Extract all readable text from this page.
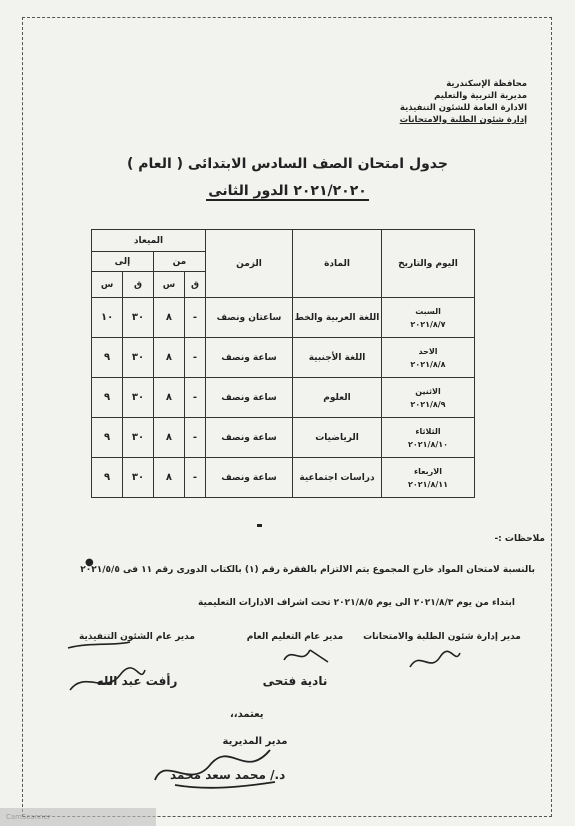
محافظة الإسكندرية
مديرية التربية والتعليم
الادارة العامة للشئون التنفيذية
إدارة شئون الطلبة والامتحانات
جدول امتحان الصف السادس الابتدائى ( العام )
٢٠٢١/٢٠٢٠ الدور الثانى
اليوم والتاريخ	المادة	الزمن	الميعاد			
			من		إلى	
			ق	س	ق	س
السبت
٢٠٢١/٨/٧	اللغة العربية والخط	ساعتان ونصف	-	٨	٣٠	١٠
الاحد
٢٠٢١/٨/٨	اللغة الأجنبية	ساعة ونصف	-	٨	٣٠	٩
الاثنين
٢٠٢١/٨/٩	العلوم	ساعة ونصف	-	٨	٣٠	٩
الثلاثاء
٢٠٢١/٨/١٠	الرياضيات	ساعة ونصف	-	٨	٣٠	٩
الاربعاء
٢٠٢١/٨/١١	دراسات اجتماعية	ساعة ونصف	-	٨	٣٠	٩
ملاحظات :-
●
بالنسبة لامتحان المواد خارج المجموع يتم الالتزام بالفقرة رقم (١) بالكتاب الدورى رقم ١١ فى ٢٠٢١/٥/٥
ابتداء من يوم ٢٠٢١/٨/٣ الى يوم ٢٠٢١/٨/٥ تحت اشراف الادارات التعليمية
مدير إدارة شئون الطلبة والامتحانات
مدير عام التعليم العام
نادية فتحى
مدير عام الشئون التنفيذية
رأفت عبد الله
يعتمد،،
مدير المديرية
د./ محمد سعد محمد
CamScanner
